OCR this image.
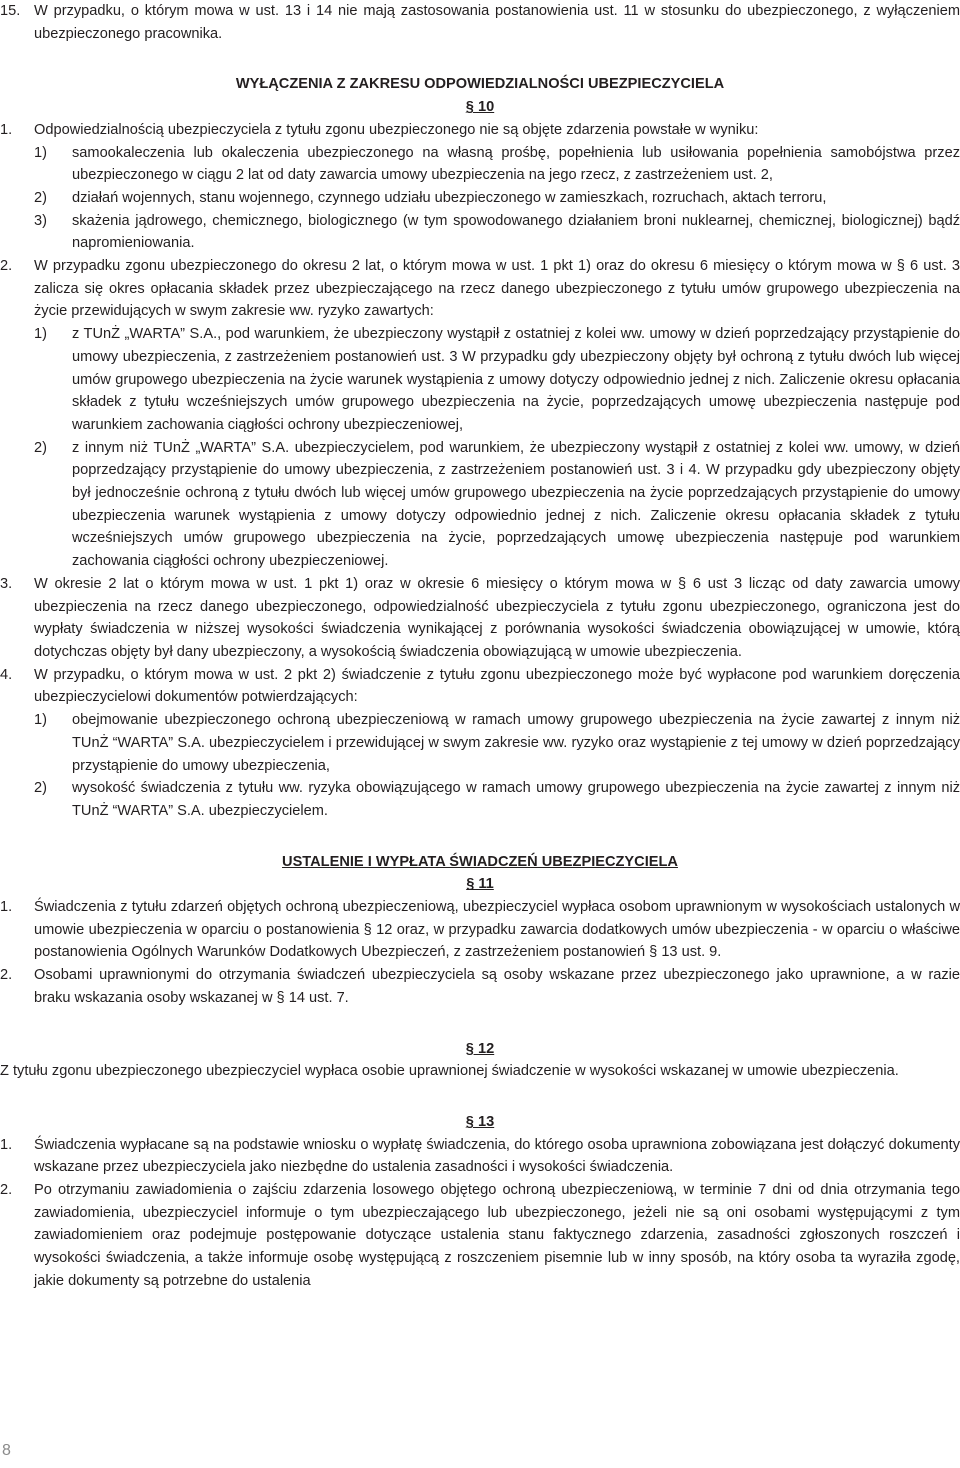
15. W przypadku, o którym mowa w ust. 13 i 14 nie mają zastosowania postanowienia ust. 11 w stosunku do ubezpieczonego, z wyłączeniem ubezpieczonego pracownika.

WYŁĄCZENIA Z ZAKRESU ODPOWIEDZIALNOŚCI UBEZPIECZYCIELA

§ 10

1.	Odpowiedzialnością ubezpieczyciela z tytułu zgonu ubezpieczonego nie są objęte zdarzenia powstałe w wyniku:
1)	samookaleczenia lub okaleczenia ubezpieczonego na własną prośbę, popełnienia lub usiłowania popełnienia samobójstwa przez ubezpieczonego w ciągu 2 lat od daty zawarcia umowy ubezpieczenia na jego rzecz, z zastrzeżeniem ust. 2,
2)	działań wojennych, stanu wojennego, czynnego udziału ubezpieczonego w zamieszkach, rozruchach, aktach terroru,
3)	skażenia jądrowego, chemicznego, biologicznego (w tym spowodowanego działaniem broni nuklearnej, chemicznej, biologicznej) bądź napromieniowania.
2.	W przypadku zgonu ubezpieczonego do okresu 2 lat, o którym mowa w ust. 1 pkt 1) oraz do okresu 6 miesięcy o którym mowa w § 6 ust. 3 zalicza się okres opłacania składek przez ubezpieczającego na rzecz danego ubezpieczonego z tytułu umów grupowego ubezpieczenia na życie przewidujących w swym zakresie ww. ryzyko zawartych:
1)	z TUnŻ „WARTA” S.A., pod warunkiem, że ubezpieczony wystąpił z ostatniej z kolei ww. umowy w dzień poprzedzający przystąpienie do umowy ubezpieczenia, z zastrzeżeniem postanowień ust. 3 W przypadku gdy ubezpieczony objęty był ochroną z tytułu dwóch lub więcej umów grupowego ubezpieczenia na życie warunek wystąpienia z umowy dotyczy odpowiednio jednej z nich. Zaliczenie okresu opłacania składek z tytułu wcześniejszych umów grupowego ubezpieczenia na życie, poprzedzających umowę ubezpieczenia następuje pod warunkiem zachowania ciągłości ochrony ubezpieczeniowej,
2)	z innym niż TUnŻ „WARTA” S.A. ubezpieczycielem, pod warunkiem, że ubezpieczony wystąpił z ostatniej z kolei ww. umowy, w dzień poprzedzający przystąpienie do umowy ubezpieczenia, z zastrzeżeniem postanowień ust. 3 i 4. W przypadku gdy ubezpieczony objęty był jednocześnie ochroną z tytułu dwóch lub więcej umów grupowego ubezpieczenia na życie poprzedzających przystąpienie do umowy ubezpieczenia warunek wystąpienia z umowy dotyczy odpowiednio jednej z nich. Zaliczenie okresu opłacania składek z tytułu wcześniejszych umów grupowego ubezpieczenia na życie, poprzedzających umowę ubezpieczenia następuje pod warunkiem zachowania ciągłości ochrony ubezpieczeniowej.
3.	W okresie 2 lat o którym mowa w ust. 1 pkt 1) oraz w okresie 6 miesięcy o którym mowa w § 6 ust 3 licząc od daty zawarcia umowy ubezpieczenia na rzecz danego ubezpieczonego, odpowiedzialność ubezpieczyciela z tytułu zgonu ubezpieczonego, ograniczona jest do wypłaty świadczenia w niższej wysokości świadczenia wynikającej z porównania wysokości świadczenia obowiązującej w umowie, którą dotychczas objęty był dany ubezpieczony, a wysokością świadczenia obowiązującą w umowie ubezpieczenia.
4.	W przypadku, o którym mowa w ust. 2 pkt 2) świadczenie z tytułu zgonu ubezpieczonego może być wypłacone pod warunkiem doręczenia ubezpieczycielowi dokumentów potwierdzających:
1)	obejmowanie ubezpieczonego ochroną ubezpieczeniową w ramach umowy grupowego ubezpieczenia na życie zawartej z innym niż TUnŻ “WARTA” S.A. ubezpieczycielem i przewidującej w swym zakresie ww. ryzyko oraz wystąpienie z tej umowy w dzień poprzedzający przystąpienie do umowy ubezpieczenia,
2)	wysokość świadczenia z tytułu ww. ryzyka obowiązującego w ramach umowy grupowego ubezpieczenia na życie zawartej z innym niż TUnŻ “WARTA” S.A. ubezpieczycielem.

USTALENIE I WYPŁATA ŚWIADCZEŃ UBEZPIECZYCIELA

§ 11

1.	Świadczenia z tytułu zdarzeń objętych ochroną ubezpieczeniową, ubezpieczyciel wypłaca osobom uprawnionym w wysokościach ustalonych w umowie ubezpieczenia w oparciu o postanowienia § 12 oraz, w przypadku zawarcia dodatkowych umów ubezpieczenia - w oparciu o właściwe postanowienia Ogólnych Warunków Dodatkowych Ubezpieczeń, z zastrzeżeniem postanowień § 13 ust. 9.
2.	Osobami uprawnionymi do otrzymania świadczeń ubezpieczyciela są osoby wskazane przez ubezpieczonego jako uprawnione, a w razie braku wskazania osoby wskazanej w § 14 ust. 7.

§ 12

Z tytułu zgonu ubezpieczonego ubezpieczyciel wypłaca osobie uprawnionej świadczenie w wysokości wskazanej w umowie ubezpieczenia.

§ 13

1.	Świadczenia wypłacane są na podstawie wniosku o wypłatę świadczenia, do którego osoba uprawniona zobowiązana jest dołączyć dokumenty wskazane przez ubezpieczyciela jako niezbędne do ustalenia zasadności i wysokości świadczenia.
2.	Po otrzymaniu zawiadomienia o zajściu zdarzenia losowego objętego ochroną ubezpieczeniową, w terminie 7 dni od dnia otrzymania tego zawiadomienia, ubezpieczyciel informuje o tym ubezpieczającego lub ubezpieczonego, jeżeli nie są oni osobami występującymi z tym zawiadomieniem oraz podejmuje postępowanie dotyczące ustalenia stanu faktycznego zdarzenia, zasadności zgłoszonych roszczeń i wysokości świadczenia, a także informuje osobę występującą z roszczeniem pisemnie lub w inny sposób, na który osoba ta wyraziła zgodę, jakie dokumenty są potrzebne do ustalenia
8
